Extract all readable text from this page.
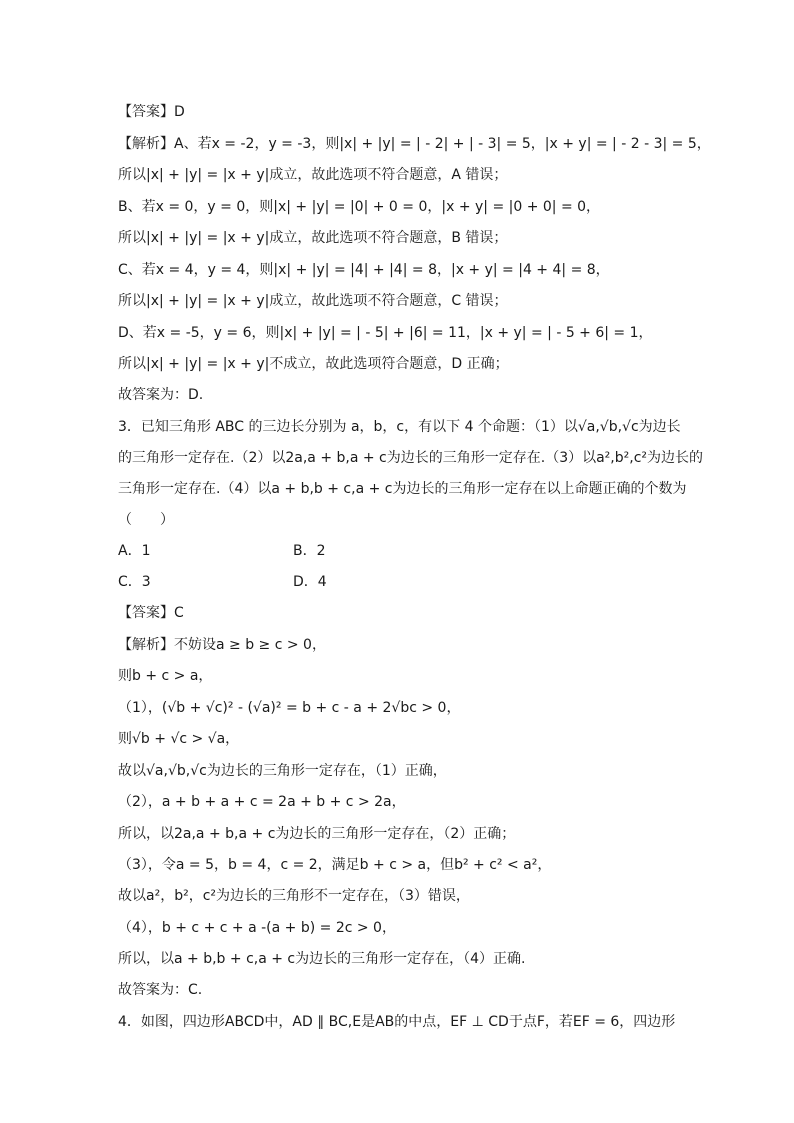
【答案】D
【解析】A、若x = -2，y = -3，则|x| + |y| = | - 2| + | - 3| = 5，|x + y| = | - 2 - 3| = 5，
所以|x| + |y| = |x + y|成立，故此选项不符合题意，A 错误；
B、若x = 0，y = 0，则|x| + |y| = |0| + 0 = 0，|x + y| = |0 + 0| = 0，
所以|x| + |y| = |x + y|成立，故此选项不符合题意，B 错误；
C、若x = 4，y = 4，则|x| + |y| = |4| + |4| = 8，|x + y| = |4 + 4| = 8，
所以|x| + |y| = |x + y|成立，故此选项不符合题意，C 错误；
D、若x = -5，y = 6，则|x| + |y| = | - 5| + |6| = 11，|x + y| = | - 5 + 6| = 1，
所以|x| + |y| = |x + y|不成立，故此选项符合题意，D 正确；
故答案为：D.
3．已知三角形 ABC 的三边长分别为 a，b，c，有以下 4 个命题：（1）以√a,√b,√c为边长
的三角形一定存在.（2）以2a,a + b,a + c为边长的三角形一定存在.（3）以a²,b²,c²为边长的
三角形一定存在.（4）以a + b,b + c,a + c为边长的三角形一定存在以上命题正确的个数为
（　　）
A．1	B．2
C．3	D．4
【答案】C
【解析】不妨设a ≥ b ≥ c > 0，
则b + c > a，
（1），(√b + √c)² - (√a)² = b + c - a + 2√bc > 0，
则√b + √c > √a，
故以√a,√b,√c为边长的三角形一定存在，（1）正确，
（2），a + b + a + c = 2a + b + c > 2a，
所以，以2a,a + b,a + c为边长的三角形一定存在，（2）正确；
（3），令a = 5，b = 4，c = 2，满足b + c > a，但b² + c² < a²，
故以a²，b²，c²为边长的三角形不一定存在，（3）错误，
（4），b + c + c + a -(a + b) = 2c > 0，
所以，以a + b,b + c,a + c为边长的三角形一定存在，（4）正确.
故答案为：C.
4．如图，四边形ABCD中，AD ∥ BC,E是AB的中点，EF ⊥ CD于点F，若EF = 6，四边形
